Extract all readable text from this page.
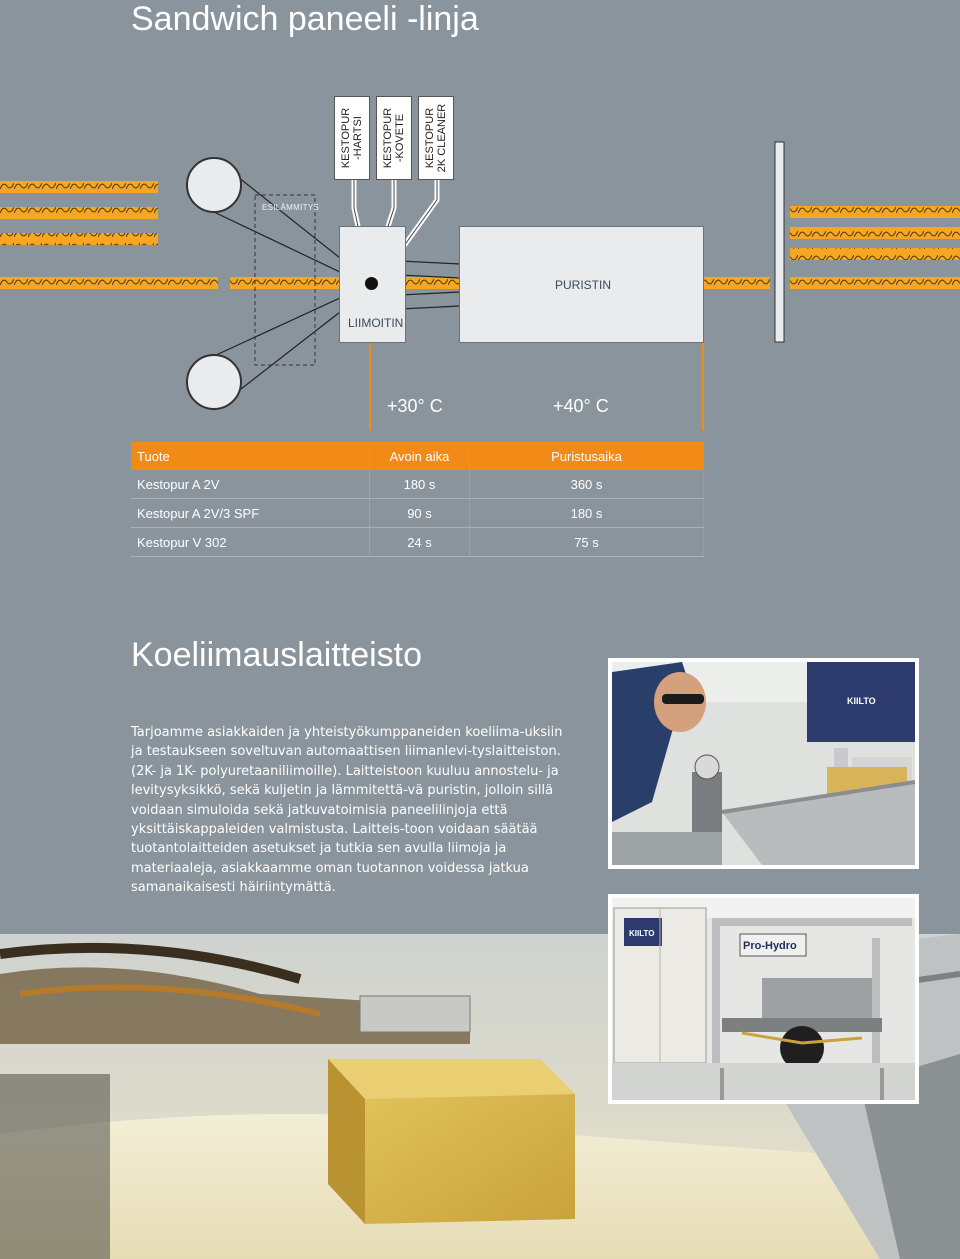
Sandwich paneeli -linja
KESTOPUR
-HARTSI KESTOPUR
-KOVETE KESTOPUR
2K CLEANER
ESILÄMMITYS
LIIMOITIN
PURISTIN
+30° C	+40° C
Tuote	Avoin aika	Puristusaika
Kestopur A 2V	180 s	360 s
Kestopur A 2V/3 SPF	90 s	180 s
Kestopur V 302	24 s	75 s
Koeliimauslaitteisto
Tarjoamme asiakkaiden ja yhteistyökumppaneiden koeliima-uksiin ja testaukseen soveltuvan automaattisen liimanlevi-tyslaitteiston. (2K- ja 1K- polyuretaaniliimoille). Laitteistoon kuuluu annostelu- ja levitysyksikkö, sekä kuljetin ja lämmitettä-vä puristin, jolloin sillä voidaan simuloida sekä jatkuvatoimisia paneelilinjoja että yksittäiskappaleiden valmistusta. Laitteis-toon voidaan säätää tuotantolaitteiden asetukset ja tutkia sen avulla liimoja ja materiaaleja, asiakkaamme oman tuotannon voidessa jatkua samanaikaisesti häiriintymättä.
KIILTO
Pro-Hydro
KIILTO
